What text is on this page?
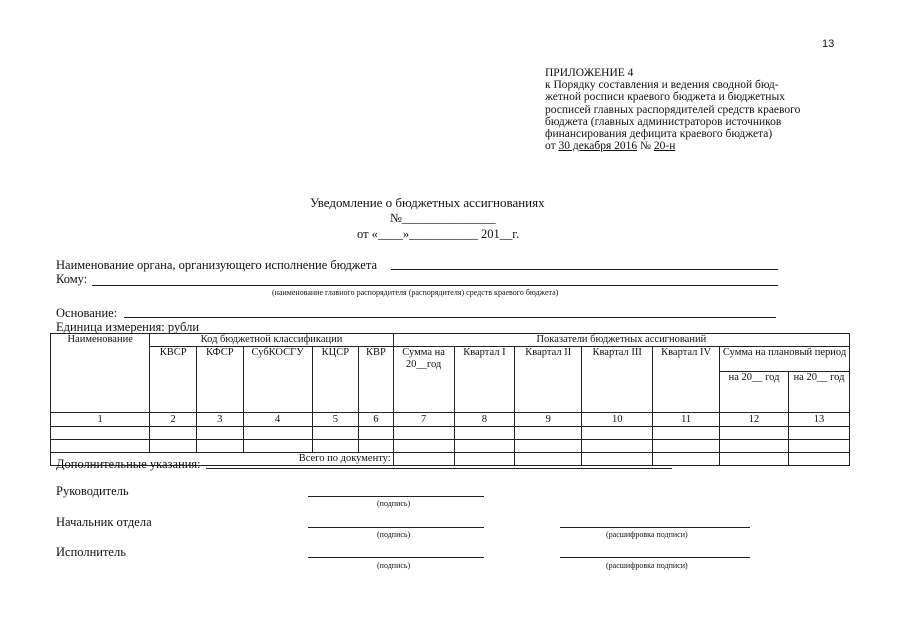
13
ПРИЛОЖЕНИЕ 4
к Порядку составления и ведения сводной бюд-
жетной росписи краевого бюджета и бюджетных
росписей главных распорядителей средств краевого
бюджета (главных администраторов источников
финансирования дефицита краевого бюджета)
от 30 декабря 2016 № 20-н
Уведомление о бюджетных ассигнованиях
№_______________
от «____»___________ 201__г.
Наименование органа, организующего исполнение бюджета
Кому:
(наименование главного распорядителя (распорядителя) средств краевого бюджета)
Основание:
Единица измерения: рубли
Наименование	Код бюджетной классификации					Показатели бюджетных ассигнований						
	КВСР	КФСР	СубКОСГУ	КЦСР	КВР	Сумма на 20__год	Квартал I	Квартал II	Квартал III	Квартал IV	Сумма на плановый период	
											на 20__ год	на 20__ год
1	2	3	4	5	6	7	8	9	10	11	12	13

Всего по документу:												
Дополнительные указания:
Руководитель
(подпись)
Начальник отдела
(подпись)	(расшифровка подписи)
Исполнитель
(подпись)	(расшифровка подписи)
